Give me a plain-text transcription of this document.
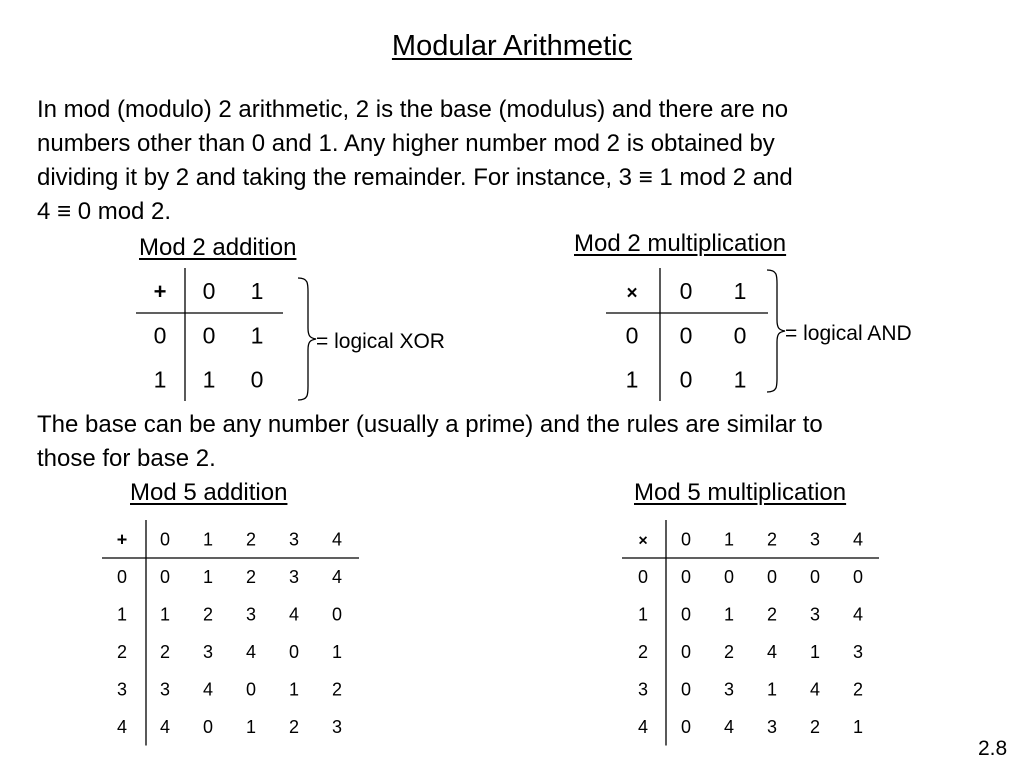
Modular Arithmetic
In mod (modulo) 2 arithmetic, 2 is the base (modulus) and there are no
numbers other than 0 and 1. Any higher number mod 2 is obtained by
dividing it by 2 and taking the remainder. For instance, 3 ≡ 1 mod 2 and
4 ≡ 0 mod 2.
Mod 2 addition
+ 0 1
0 0 1
1 1 0
= logical XOR
Mod 2 multiplication
× 0 1
0 0 0
1 0 1
= logical AND
The base can be any number (usually a prime) and the rules are similar to
those for base 2.
Mod 5 addition
+ 0 1 2 3 4
0 0 1 2 3 4
1 1 2 3 4 0
2 2 3 4 0 1
3 3 4 0 1 2
4 4 0 1 2 3
Mod 5 multiplication
× 0 1 2 3 4
0 0 0 0 0 0
1 0 1 2 3 4
2 0 2 4 1 3
3 0 3 1 4 2
4 0 4 3 2 1
2.8
